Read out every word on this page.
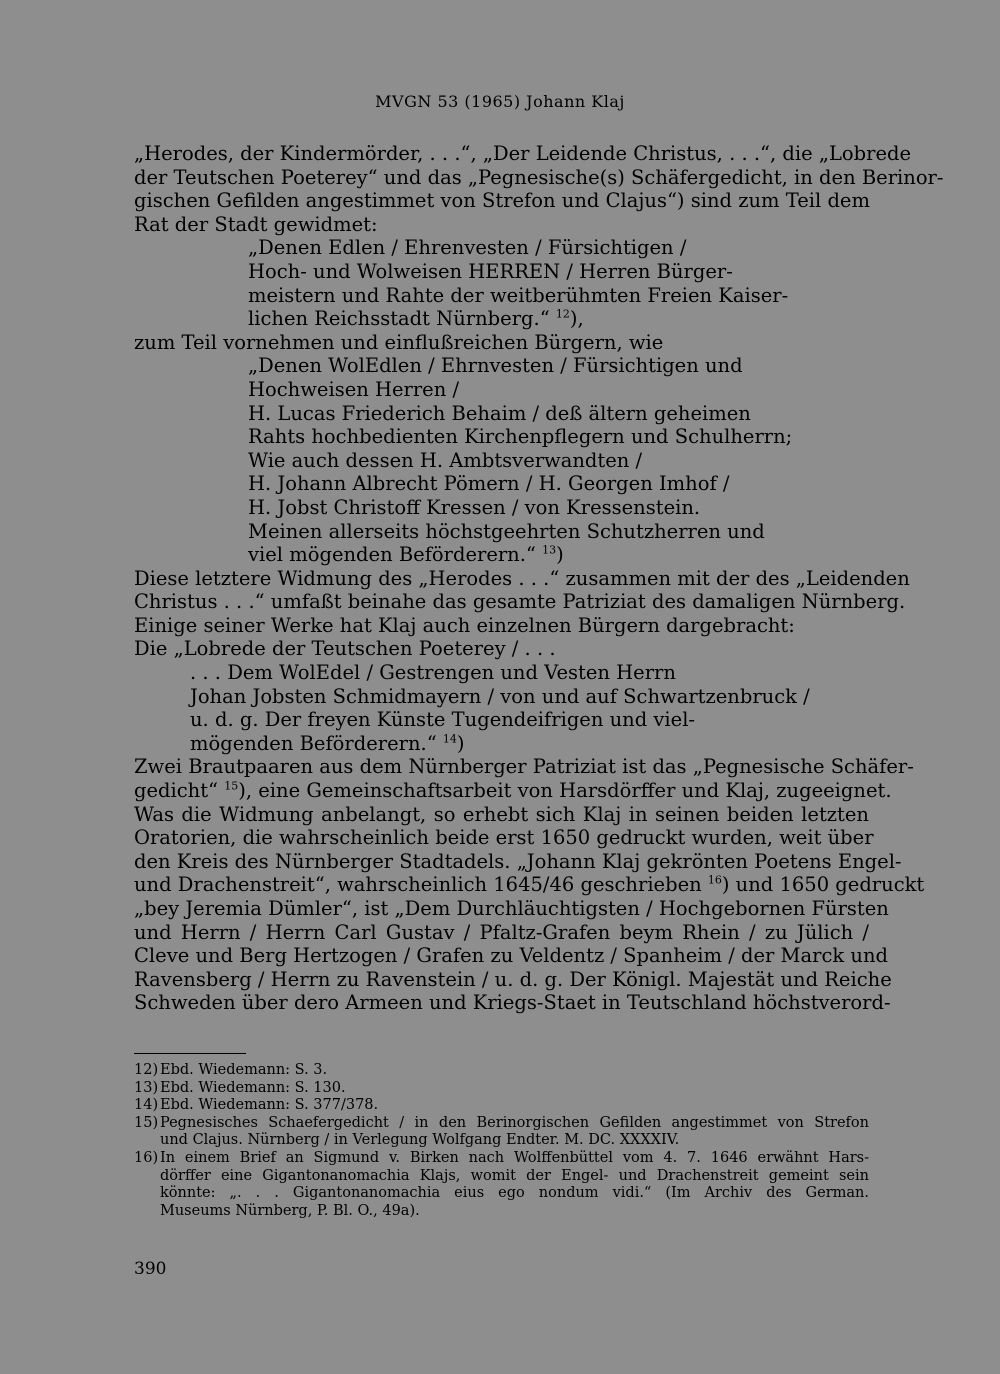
MVGN 53 (1965) Johann Klaj
„Herodes, der Kindermörder, . . .“, „Der Leidende Christus, . . .“, die „Lobrede
der Teutschen Poeterey“ und das „Pegnesische(s) Schäfergedicht, in den Berinor-
gischen Gefilden angestimmet von Strefon und Clajus“) sind zum Teil dem
Rat der Stadt gewidmet:
„Denen Edlen / Ehrenvesten / Fürsichtigen /
Hoch- und Wolweisen HERREN / Herren Bürger-
meistern und Rahte der weitberühmten Freien Kaiser-
lichen Reichsstadt Nürnberg.“ $^{12}$),
zum Teil vornehmen und einflußreichen Bürgern, wie
„Denen WolEdlen / Ehrnvesten / Fürsichtigen und
Hochweisen Herren /
H. Lucas Friederich Behaim / deß ältern geheimen
Rahts hochbedienten Kirchenpflegern und Schulherrn;
Wie auch dessen H. Ambtsverwandten /
H. Johann Albrecht Pömern / H. Georgen Imhof /
H. Jobst Christoff Kressen / von Kressenstein.
Meinen allerseits höchstgeehrten Schutzherren und
viel mögenden Beförderern.“ $^{13}$)
Diese letztere Widmung des „Herodes . . .“ zusammen mit der des „Leidenden
Christus . . .“ umfaßt beinahe das gesamte Patriziat des damaligen Nürnberg.
Einige seiner Werke hat Klaj auch einzelnen Bürgern dargebracht:
Die „Lobrede der Teutschen Poeterey / . . .
. . . Dem WolEdel / Gestrengen und Vesten Herrn
Johan Jobsten Schmidmayern / von und auf Schwartzenbruck /
u. d. g. Der freyen Künste Tugendeifrigen und viel-
mögenden Beförderern.“ $^{14}$)
Zwei Brautpaaren aus dem Nürnberger Patriziat ist das „Pegnesische Schäfer-
gedicht“ $^{15}$), eine Gemeinschaftsarbeit von Harsdörffer und Klaj, zugeeignet.
Was die Widmung anbelangt, so erhebt sich Klaj in seinen beiden letzten
Oratorien, die wahrscheinlich beide erst 1650 gedruckt wurden, weit über
den Kreis des Nürnberger Stadtadels. „Johann Klaj gekrönten Poetens Engel-
und Drachenstreit“, wahrscheinlich 1645/46 geschrieben $^{16}$) und 1650 gedruckt
„bey Jeremia Dümler“, ist „Dem Durchläuchtigsten / Hochgebornen Fürsten
und Herrn / Herrn Carl Gustav / Pfaltz-Grafen beym Rhein / zu Jülich /
Cleve und Berg Hertzogen / Grafen zu Veldentz / Spanheim / der Marck und
Ravensberg / Herrn zu Ravenstein / u. d. g. Der Königl. Majestät und Reiche
Schweden über dero Armeen und Kriegs-Staet in Teutschland höchstverord-
12) Ebd. Wiedemann: S. 3.
13) Ebd. Wiedemann: S. 130.
14) Ebd. Wiedemann: S. 377/378.
15) Pegnesisches Schaefergedicht / in den Berinorgischen Gefilden angestimmet von Strefon
und Clajus. Nürnberg / in Verlegung Wolfgang Endter. M. DC. XXXXIV.
16) In einem Brief an Sigmund v. Birken nach Wolffenbüttel vom 4. 7. 1646 erwähnt Hars-
dörffer eine Gigantonanomachia Klajs, womit der Engel- und Drachenstreit gemeint sein
könnte: „. . . Gigantonanomachia eius ego nondum vidi.“ (Im Archiv des German.
Museums Nürnberg, P. Bl. O., 49a).
390
